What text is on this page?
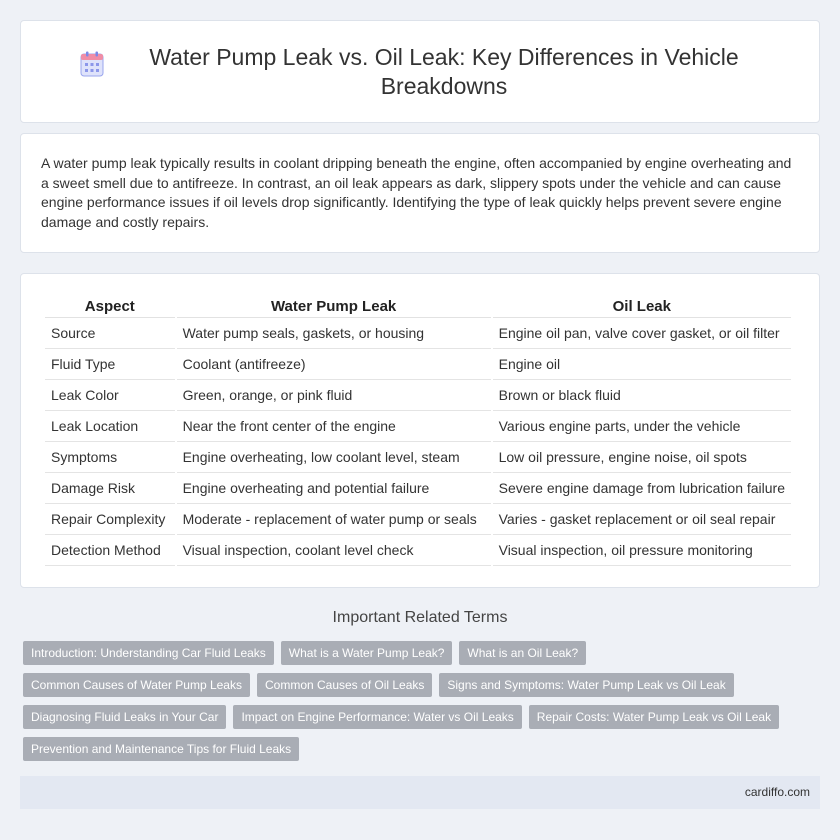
Water Pump Leak vs. Oil Leak: Key Differences in Vehicle Breakdowns

A water pump leak typically results in coolant dripping beneath the engine, often accompanied by engine overheating and a sweet smell due to antifreeze. In contrast, an oil leak appears as dark, slippery spots under the vehicle and can cause engine performance issues if oil levels drop significantly. Identifying the type of leak quickly helps prevent severe engine damage and costly repairs.

Aspect	Water Pump Leak	Oil Leak
Source	Water pump seals, gaskets, or housing	Engine oil pan, valve cover gasket, or oil filter
Fluid Type	Coolant (antifreeze)	Engine oil
Leak Color	Green, orange, or pink fluid	Brown or black fluid
Leak Location	Near the front center of the engine	Various engine parts, under the vehicle
Symptoms	Engine overheating, low coolant level, steam	Low oil pressure, engine noise, oil spots
Damage Risk	Engine overheating and potential failure	Severe engine damage from lubrication failure
Repair Complexity	Moderate - replacement of water pump or seals	Varies - gasket replacement or oil seal repair
Detection Method	Visual inspection, coolant level check	Visual inspection, oil pressure monitoring
Important Related Terms
Introduction: Understanding Car Fluid Leaks	What is a Water Pump Leak?	What is an Oil Leak?
Common Causes of Water Pump Leaks	Common Causes of Oil Leaks	Signs and Symptoms: Water Pump Leak vs Oil Leak
Diagnosing Fluid Leaks in Your Car	Impact on Engine Performance: Water vs Oil Leaks	Repair Costs: Water Pump Leak vs Oil Leak
Prevention and Maintenance Tips for Fluid Leaks
cardiffo.com
